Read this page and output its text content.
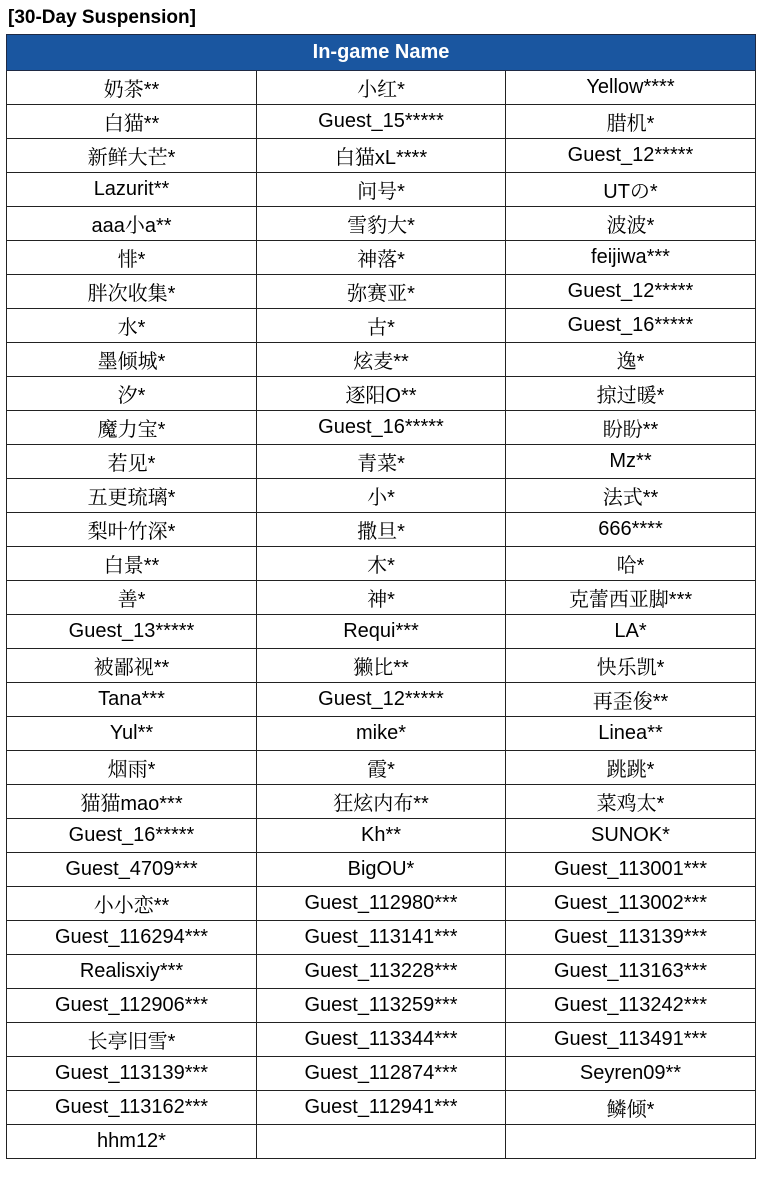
[30-Day Suspension]
In-game Name		
奶茶**	小红*	Yellow****
白猫**	Guest_15*****	腊机*
新鲜大芒*	白猫xL****	Guest_12*****
Lazurit**	问号*	UTの*
aaa小a**	雪豹大*	波波*
悱*	神落*	feijiwa***
胖次收集*	弥赛亚*	Guest_12*****
水*	古*	Guest_16*****
墨倾城*	炫麦**	逸*
汐*	逐阳O**	掠过暖*
魔力宝*	Guest_16*****	盼盼**
若见*	青菜*	Mz**
五更琉璃*	小*	法式**
梨叶竹深*	撒旦*	666****
白景**	木*	哈*
善*	神*	克蕾西亚脚***
Guest_13*****	Requi***	LA*
被鄙视**	獭比**	快乐凯*
Tana***	Guest_12*****	再歪俊**
Yul**	mike*	Linea**
烟雨*	霞*	跳跳*
猫猫mao***	狂炫内布**	菜鸡太*
Guest_16*****	Kh**	SUNOK*
Guest_4709***	BigOU*	Guest_113001***
小小恋**	Guest_112980***	Guest_113002***
Guest_116294***	Guest_113141***	Guest_113139***
Realisxiy***	Guest_113228***	Guest_113163***
Guest_112906***	Guest_113259***	Guest_113242***
长亭旧雪*	Guest_113344***	Guest_113491***
Guest_113139***	Guest_112874***	Seyren09**
Guest_113162***	Guest_112941***	鳞倾*
hhm12*		
